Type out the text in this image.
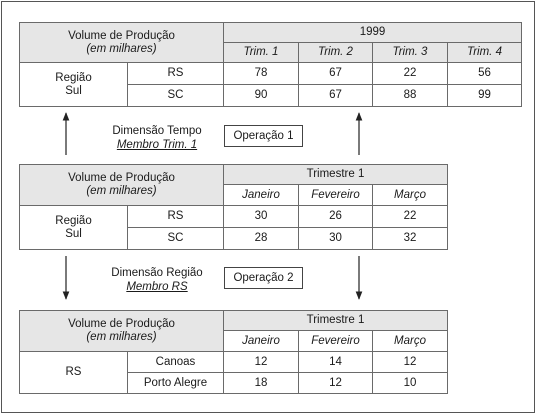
Volume de Produção
(em milhares)		1999			
		Trim. 1	Trim. 2	Trim. 3	Trim. 4
Região
Sul	RS	78	67	22	56
	SC	90	67	88	99
Dimensão Tempo
Membro Trim. 1
Operação 1
Volume de Produção
(em milhares)		Trimestre 1		
		Janeiro	Fevereiro	Março
Região
Sul	RS	30	26	22
	SC	28	30	32
Dimensão Região
Membro RS
Operação 2
Volume de Produção
(em milhares)		Trimestre 1		
		Janeiro	Fevereiro	Março
RS	Canoas	12	14	12
	Porto Alegre	18	12	10
